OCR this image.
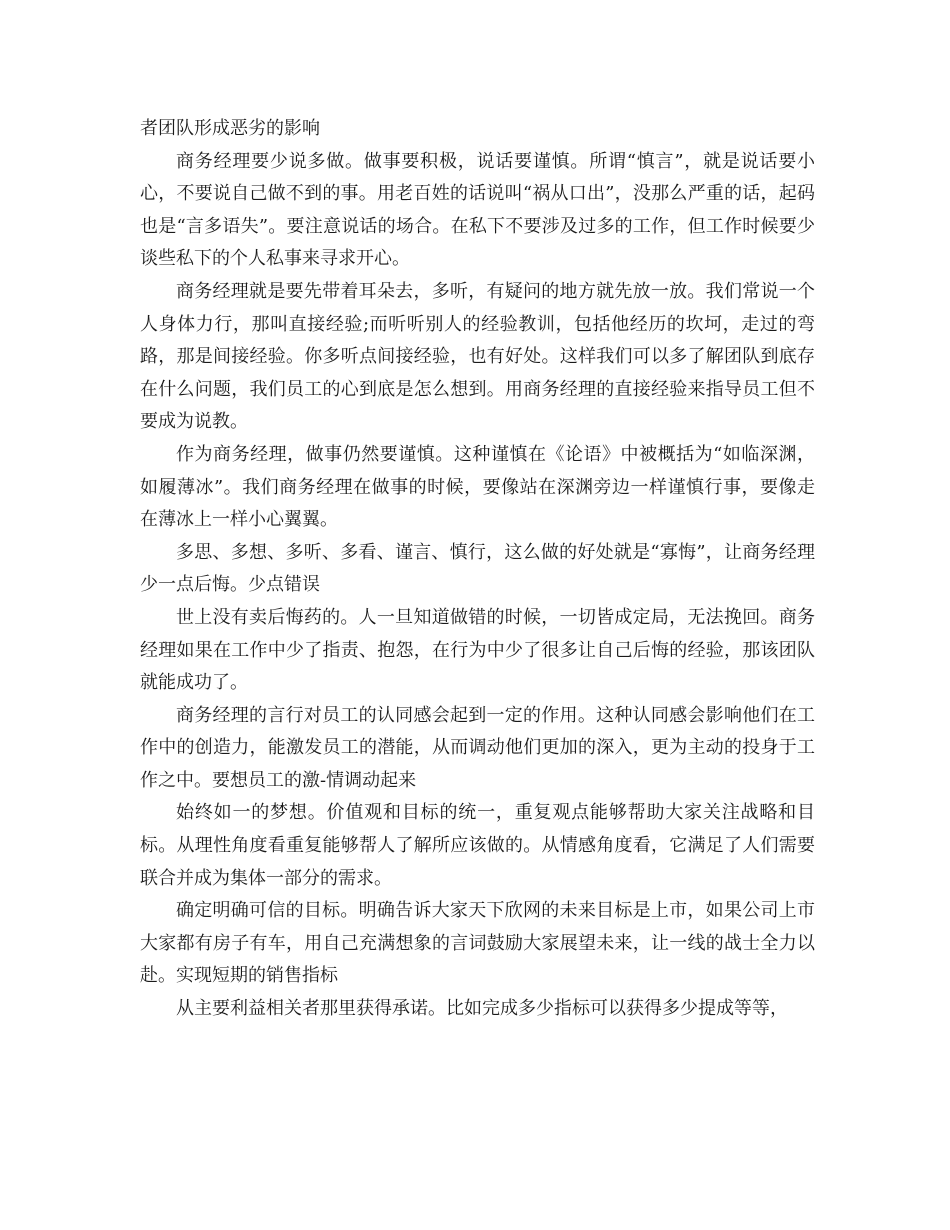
者团队形成恶劣的影响

商务经理要少说多做。做事要积极，说话要谨慎。所谓“慎言”，就是说话要小心，不要说自己做不到的事。用老百姓的话说叫“祸从口出”，没那么严重的话，起码也是“言多语失”。要注意说话的场合。在私下不要涉及过多的工作，但工作时候要少谈些私下的个人私事来寻求开心。

商务经理就是要先带着耳朵去，多听，有疑问的地方就先放一放。我们常说一个人身体力行，那叫直接经验;而听听别人的经验教训，包括他经历的坎坷，走过的弯路，那是间接经验。你多听点间接经验，也有好处。这样我们可以多了解团队到底存在什么问题，我们员工的心到底是怎么想到。用商务经理的直接经验来指导员工但不要成为说教。

作为商务经理，做事仍然要谨慎。这种谨慎在《论语》中被概括为“如临深渊，如履薄冰”。我们商务经理在做事的时候，要像站在深渊旁边一样谨慎行事，要像走在薄冰上一样小心翼翼。

多思、多想、多听、多看、谨言、慎行，这么做的好处就是“寡悔”，让商务经理少一点后悔。少点错误

世上没有卖后悔药的。人一旦知道做错的时候，一切皆成定局，无法挽回。商务经理如果在工作中少了指责、抱怨，在行为中少了很多让自己后悔的经验，那该团队就能成功了。

商务经理的言行对员工的认同感会起到一定的作用。这种认同感会影响他们在工作中的创造力，能激发员工的潜能，从而调动他们更加的深入，更为主动的投身于工作之中。要想员工的激-情调动起来

始终如一的梦想。价值观和目标的统一，重复观点能够帮助大家关注战略和目标。从理性角度看重复能够帮人了解所应该做的。从情感角度看，它满足了人们需要联合并成为集体一部分的需求。

确定明确可信的目标。明确告诉大家天下欣网的未来目标是上市，如果公司上市大家都有房子有车，用自己充满想象的言词鼓励大家展望未来，让一线的战士全力以赴。实现短期的销售指标

从主要利益相关者那里获得承诺。比如完成多少指标可以获得多少提成等等，
